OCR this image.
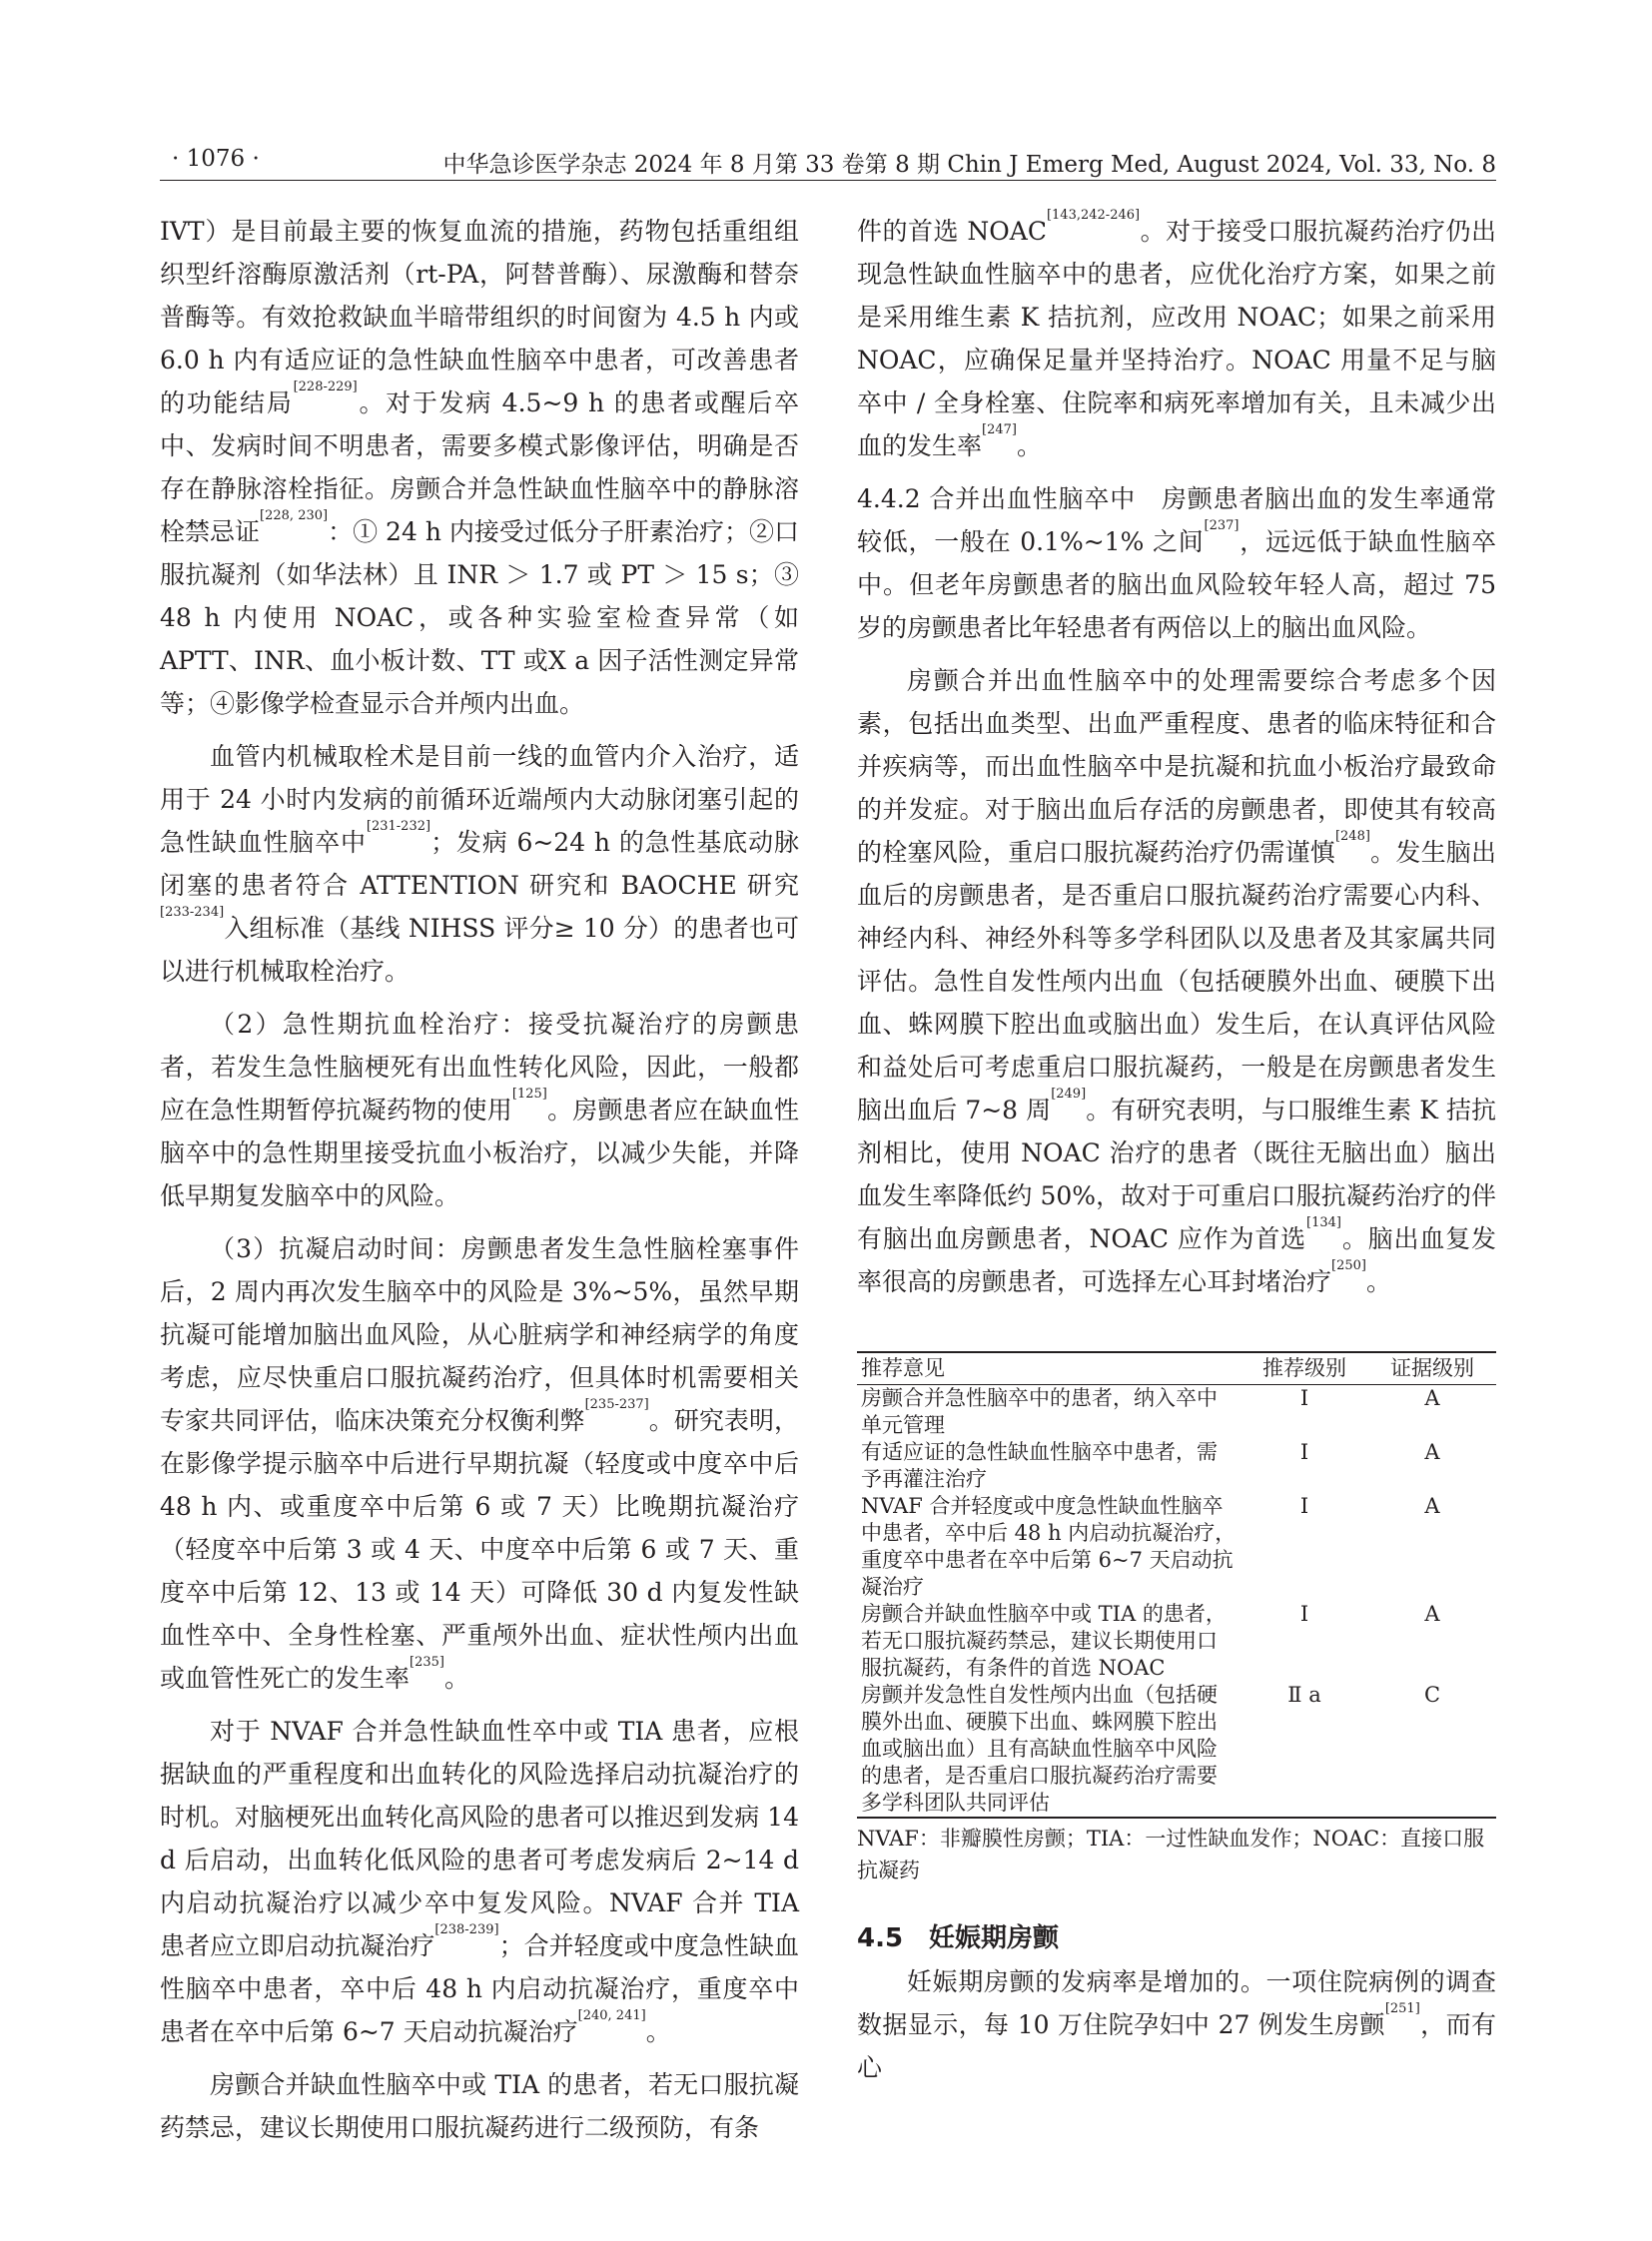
· 1076 ·	中华急诊医学杂志 2024 年 8 月第 33 卷第 8 期 Chin J Emerg Med, August 2024, Vol. 33, No. 8

IVT）是目前最主要的恢复血流的措施，药物包括重组组织型纤溶酶原激活剂（rt-PA，阿替普酶）、尿激酶和替奈普酶等。有效抢救缺血半暗带组织的时间窗为 4.5 h 内或 6.0 h 内有适应证的急性缺血性脑卒中患者，可改善患者的功能结局[228-229]。对于发病 4.5~9 h 的患者或醒后卒中、发病时间不明患者，需要多模式影像评估，明确是否存在静脉溶栓指征。房颤合并急性缺血性脑卒中的静脉溶栓禁忌证[228, 230]：① 24 h 内接受过低分子肝素治疗；②口服抗凝剂（如华法林）且 INR ＞ 1.7 或 PT ＞ 15 s；③ 48 h 内使用 NOAC，或各种实验室检查异常（如 APTT、INR、血小板计数、TT 或Ⅹ a 因子活性测定异常等；④影像学检查显示合并颅内出血。

血管内机械取栓术是目前一线的血管内介入治疗，适用于 24 小时内发病的前循环近端颅内大动脉闭塞引起的急性缺血性脑卒中[231-232]；发病 6~24 h 的急性基底动脉闭塞的患者符合 ATTENTION 研究和 BAOCHE 研究[233-234]入组标准（基线 NIHSS 评分≥ 10 分）的患者也可以进行机械取栓治疗。

（2）急性期抗血栓治疗：接受抗凝治疗的房颤患者，若发生急性脑梗死有出血性转化风险，因此，一般都应在急性期暂停抗凝药物的使用[125]。房颤患者应在缺血性脑卒中的急性期里接受抗血小板治疗，以减少失能，并降低早期复发脑卒中的风险。

（3）抗凝启动时间：房颤患者发生急性脑栓塞事件后，2 周内再次发生脑卒中的风险是 3%~5%，虽然早期抗凝可能增加脑出血风险，从心脏病学和神经病学的角度考虑，应尽快重启口服抗凝药治疗，但具体时机需要相关专家共同评估，临床决策充分权衡利弊[235-237]。研究表明，在影像学提示脑卒中后进行早期抗凝（轻度或中度卒中后 48 h 内、或重度卒中后第 6 或 7 天）比晚期抗凝治疗（轻度卒中后第 3 或 4 天、中度卒中后第 6 或 7 天、重度卒中后第 12、13 或 14 天）可降低 30 d 内复发性缺血性卒中、全身性栓塞、严重颅外出血、症状性颅内出血或血管性死亡的发生率[235]。

对于 NVAF 合并急性缺血性卒中或 TIA 患者，应根据缺血的严重程度和出血转化的风险选择启动抗凝治疗的时机。对脑梗死出血转化高风险的患者可以推迟到发病 14 d 后启动，出血转化低风险的患者可考虑发病后 2~14 d 内启动抗凝治疗以减少卒中复发风险。NVAF 合并 TIA 患者应立即启动抗凝治疗[238-239]；合并轻度或中度急性缺血性脑卒中患者，卒中后 48 h 内启动抗凝治疗，重度卒中患者在卒中后第 6~7 天启动抗凝治疗[240, 241]。

房颤合并缺血性脑卒中或 TIA 的患者，若无口服抗凝药禁忌，建议长期使用口服抗凝药进行二级预防，有条

件的首选 NOAC[143,242-246]。对于接受口服抗凝药治疗仍出现急性缺血性脑卒中的患者，应优化治疗方案，如果之前是采用维生素 K 拮抗剂，应改用 NOAC；如果之前采用 NOAC，应确保足量并坚持治疗。NOAC 用量不足与脑卒中 / 全身栓塞、住院率和病死率增加有关，且未减少出血的发生率[247]。

4.4.2 合并出血性脑卒中　房颤患者脑出血的发生率通常较低，一般在 0.1%~1% 之间[237]，远远低于缺血性脑卒中。但老年房颤患者的脑出血风险较年轻人高，超过 75 岁的房颤患者比年轻患者有两倍以上的脑出血风险。

房颤合并出血性脑卒中的处理需要综合考虑多个因素，包括出血类型、出血严重程度、患者的临床特征和合并疾病等，而出血性脑卒中是抗凝和抗血小板治疗最致命的并发症。对于脑出血后存活的房颤患者，即使其有较高的栓塞风险，重启口服抗凝药治疗仍需谨慎[248]。发生脑出血后的房颤患者，是否重启口服抗凝药治疗需要心内科、神经内科、神经外科等多学科团队以及患者及其家属共同评估。急性自发性颅内出血（包括硬膜外出血、硬膜下出血、蛛网膜下腔出血或脑出血）发生后，在认真评估风险和益处后可考虑重启口服抗凝药，一般是在房颤患者发生脑出血后 7~8 周[249]。有研究表明，与口服维生素 K 拮抗剂相比，使用 NOAC 治疗的患者（既往无脑出血）脑出血发生率降低约 50%，故对于可重启口服抗凝药治疗的伴有脑出血房颤患者，NOAC 应作为首选[134]。脑出血复发率很高的房颤患者，可选择左心耳封堵治疗[250]。

推荐意见	推荐级别	证据级别
房颤合并急性脑卒中的患者，纳入卒中单元管理	Ⅰ	A
有适应证的急性缺血性脑卒中患者，需予再灌注治疗	Ⅰ	A
NVAF 合并轻度或中度急性缺血性脑卒中患者，卒中后 48 h 内启动抗凝治疗，重度卒中患者在卒中后第 6~7 天启动抗凝治疗	Ⅰ	A
房颤合并缺血性脑卒中或 TIA 的患者，若无口服抗凝药禁忌，建议长期使用口服抗凝药，有条件的首选 NOAC	Ⅰ	A
房颤并发急性自发性颅内出血（包括硬膜外出血、硬膜下出血、蛛网膜下腔出血或脑出血）且有高缺血性脑卒中风险的患者，是否重启口服抗凝药治疗需要多学科团队共同评估	Ⅱ a	C
NVAF：非瓣膜性房颤；TIA：一过性缺血发作；NOAC：直接口服抗凝药
4.5　妊娠期房颤

妊娠期房颤的发病率是增加的。一项住院病例的调查数据显示，每 10 万住院孕妇中 27 例发生房颤[251]，而有心
